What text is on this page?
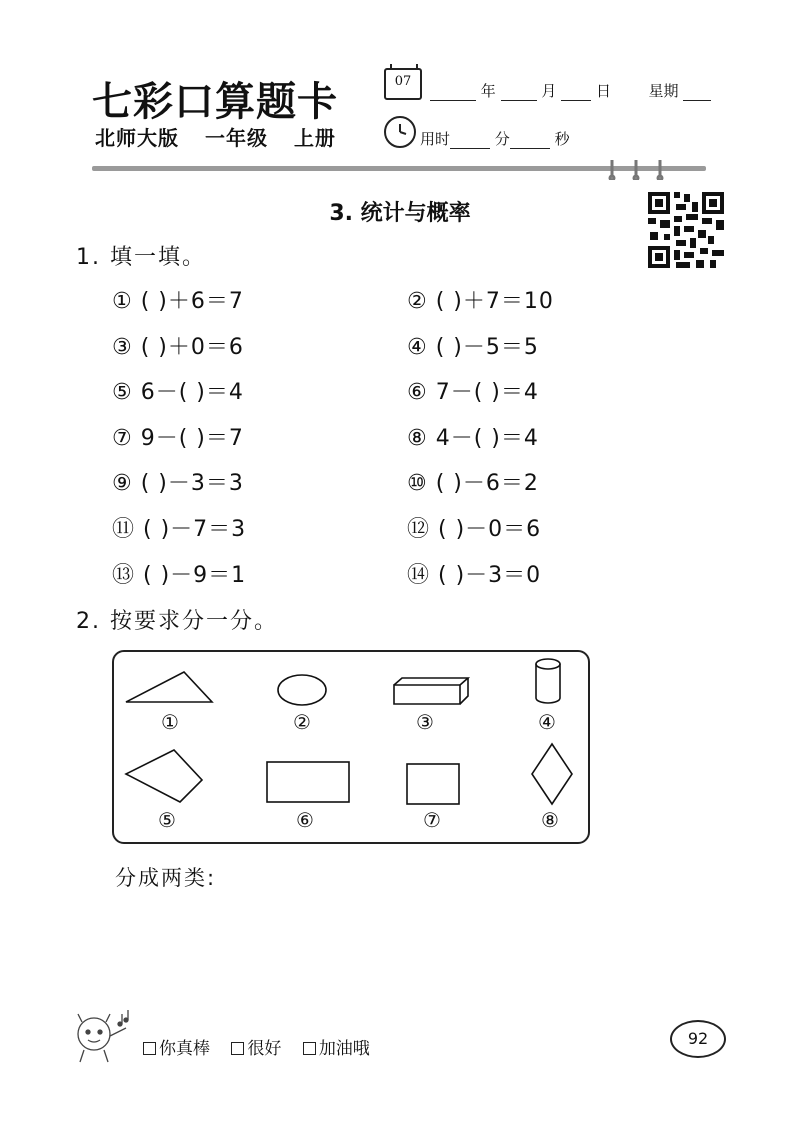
七彩口算题卡	07
年	月	日	星期
北师大版 一年级 上册	用时	分	秒
3. 统计与概率
1. 填一填。
① ( )＋6＝7	② ( )＋7＝10
③ ( )＋0＝6	④ ( )－5＝5
⑤ 6－( )＝4	⑥ 7－( )＝4
⑦ 9－( )＝7	⑧ 4－( )＝4
⑨ ( )－3＝3	⑩ ( )－6＝2
⑪ ( )－7＝3	⑫ ( )－0＝6
⑬ ( )－9＝1	⑭ ( )－3＝0
2. 按要求分一分。
①	②	③	④
⑤	⑥	⑦	⑧
分成两类:
你真棒 很好 加油哦
92
